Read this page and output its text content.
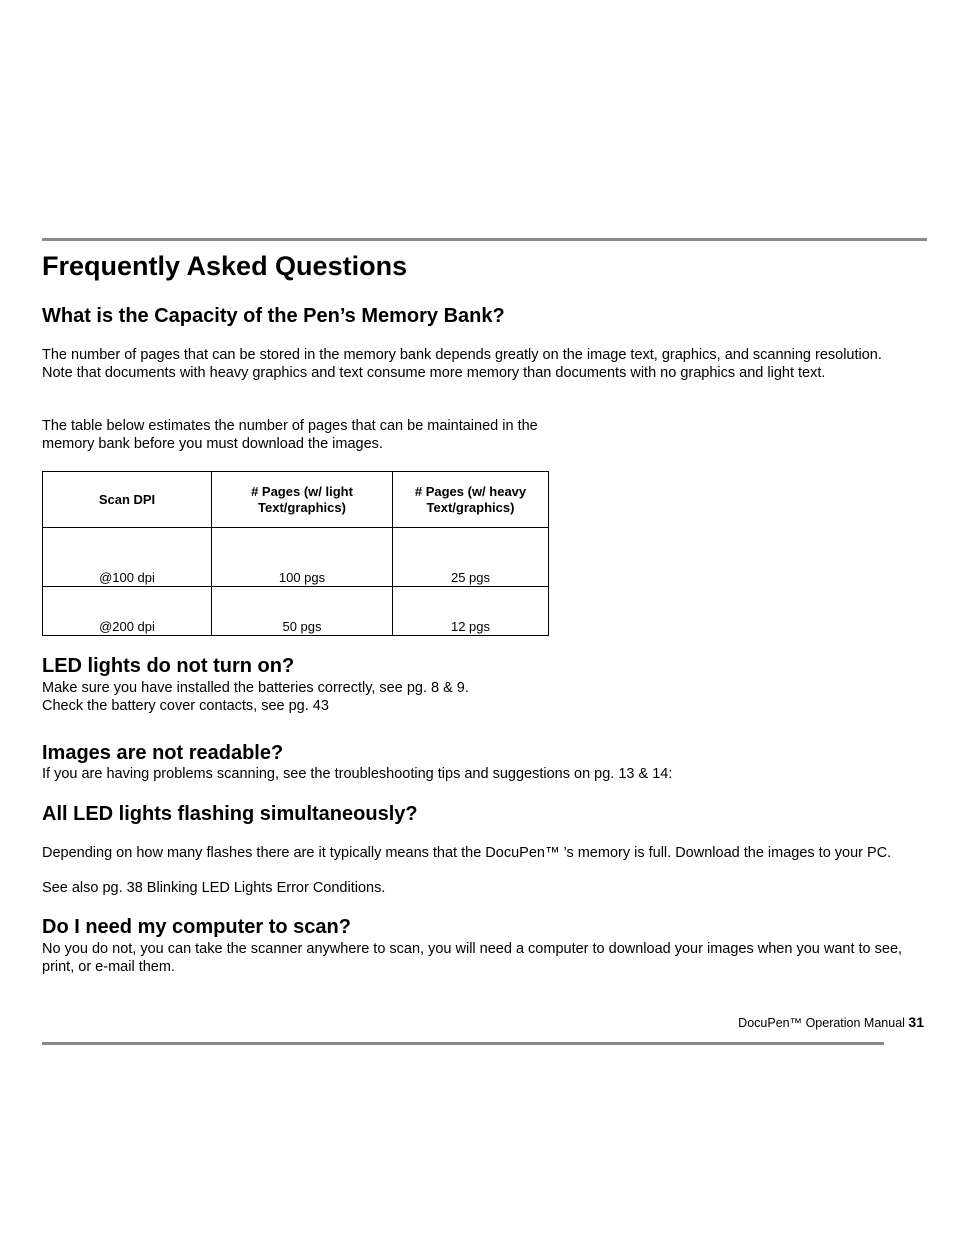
Frequently Asked Questions
What is the Capacity of the Pen’s Memory Bank?

The number of pages that can be stored in the memory bank depends greatly on the image text, graphics, and scanning resolution. Note that documents with heavy graphics and text consume more memory than documents with no graphics and light text.

The table below estimates the number of pages that can be maintained in the memory bank before you must download the images.

Scan DPI	# Pages (w/ light Text/graphics)	# Pages (w/ heavy Text/graphics)
@100 dpi	100 pgs	25 pgs
@200 dpi	50 pgs	12 pgs
LED lights do not turn on?

Make sure you have installed the batteries correctly, see pg. 8 & 9.

Check the battery cover contacts, see pg. 43

Images are not readable?

If you are having problems scanning, see the troubleshooting tips and suggestions on pg. 13 & 14:

All LED lights flashing simultaneously?

Depending on how many flashes there are it typically means that the DocuPen™ ’s memory is full. Download the images to your PC.

See also pg. 38 Blinking LED Lights Error Conditions.

Do I need my computer to scan?

No you do not, you can take the scanner anywhere to scan, you will need a computer to download your images when you want to see, print, or e-mail them.

DocuPen™ Operation Manual 31
